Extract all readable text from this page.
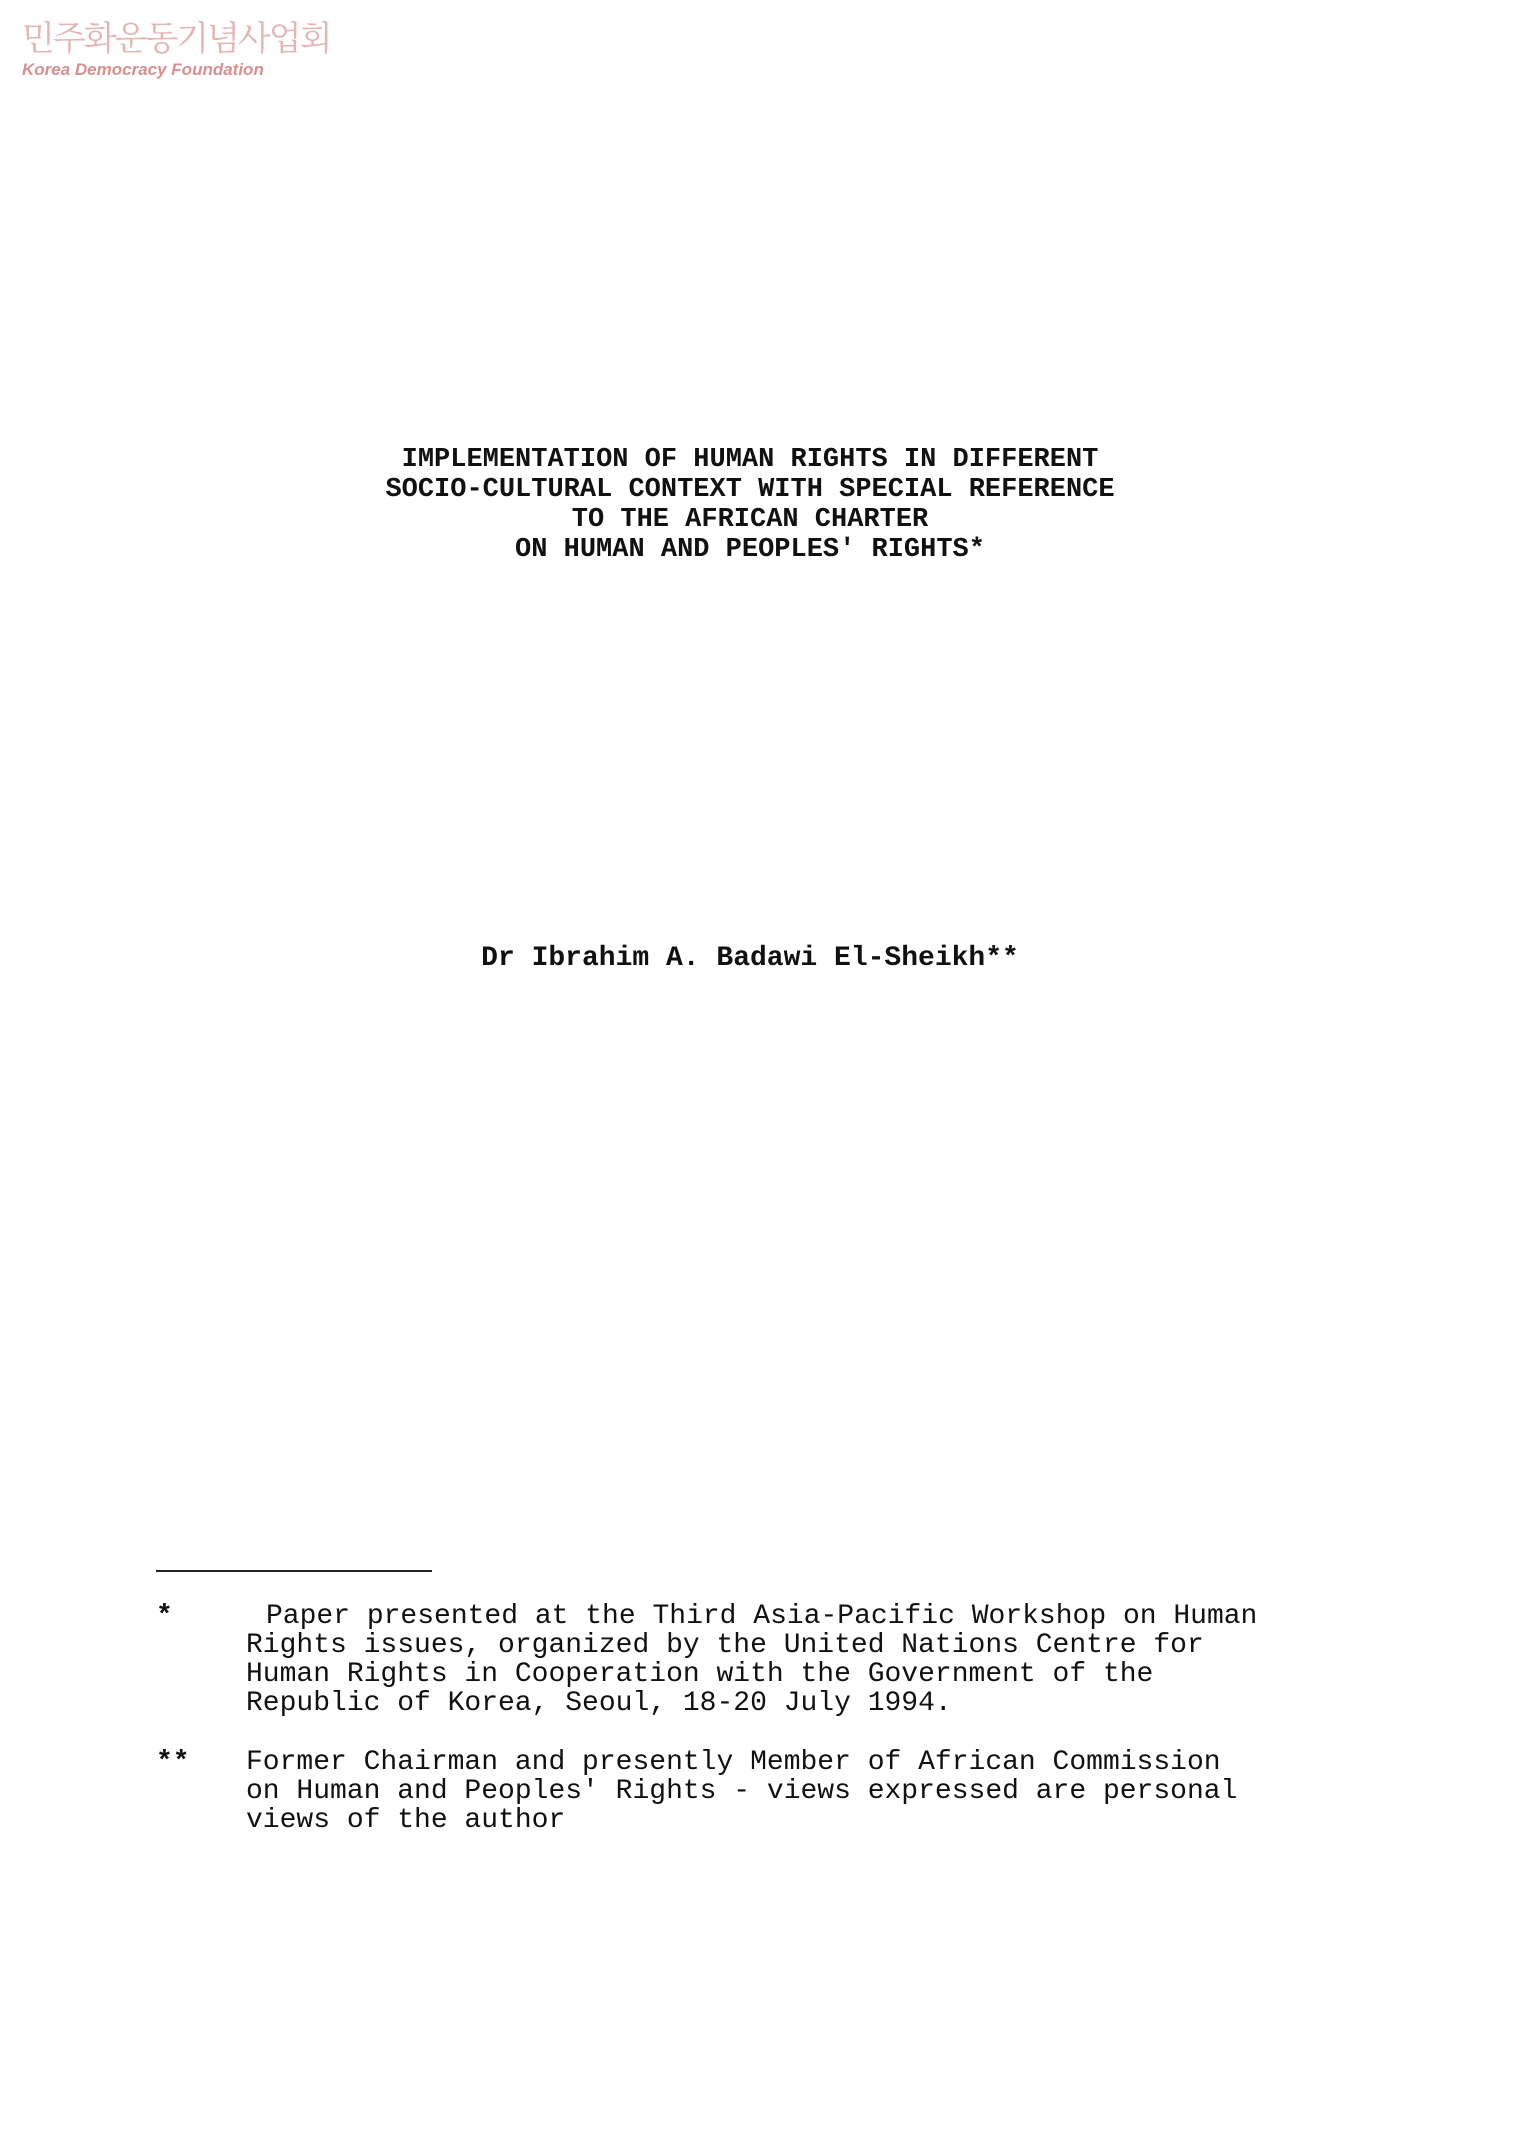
민주화운동기념사업회
Korea Democracy Foundation
IMPLEMENTATION OF HUMAN RIGHTS IN DIFFERENT
SOCIO-CULTURAL CONTEXT WITH SPECIAL REFERENCE
TO THE AFRICAN CHARTER
ON HUMAN AND PEOPLES' RIGHTS*
Dr Ibrahim A. Badawi El-Sheikh**
*	Paper presented at the Third Asia-Pacific Workshop on Human
Rights issues, organized by the United Nations Centre for
Human Rights in Cooperation with the Government of the
Republic of Korea, Seoul, 18-20 July 1994.
** Former Chairman and presently Member of African Commission
on Human and Peoples' Rights - views expressed are personal
views of the author
